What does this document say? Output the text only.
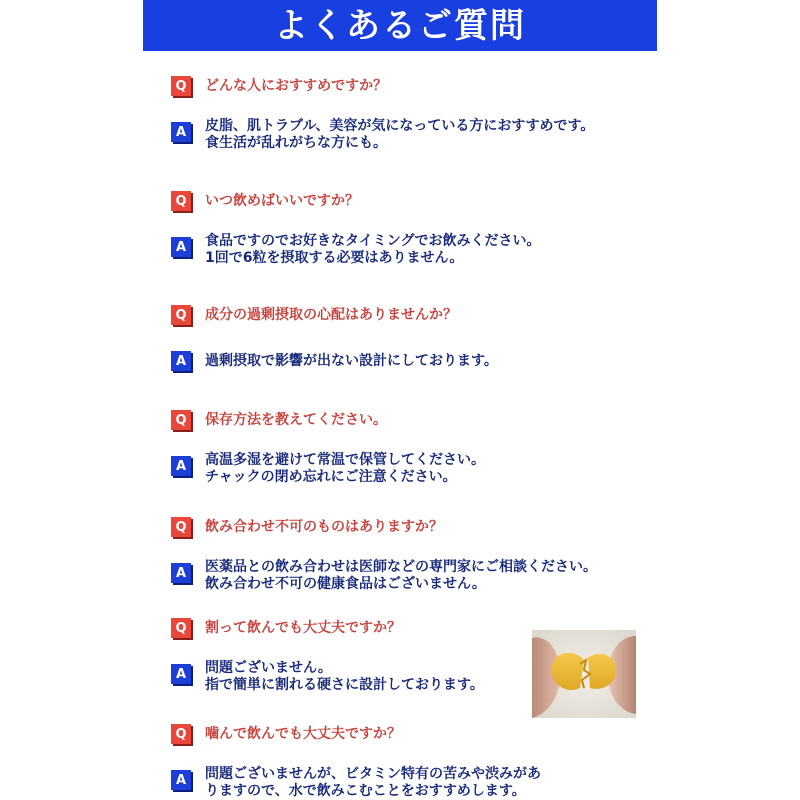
よくあるご質問
Q	どんな人におすすめですか？
A	皮脂、肌トラブル、美容が気になっている方におすすめです。
食生活が乱れがちな方にも。
Q	いつ飲めばいいですか？
A	食品ですのでお好きなタイミングでお飲みください。
1回で6粒を摂取する必要はありません。
Q	成分の過剰摂取の心配はありませんか？
A	過剰摂取で影響が出ない設計にしております。
Q	保存方法を教えてください。
A	高温多湿を避けて常温で保管してください。
チャックの閉め忘れにご注意ください。
Q	飲み合わせ不可のものはありますか？
A	医薬品との飲み合わせは医師などの専門家にご相談ください。
飲み合わせ不可の健康食品はございません。
Q	割って飲んでも大丈夫ですか？
A	問題ございません。
指で簡単に割れる硬さに設計しております。
Q	噛んで飲んでも大丈夫ですか？
A	問題ございませんが、ビタミン特有の苦みや渋みがあ
りますので、水で飲みこむことをおすすめします。
